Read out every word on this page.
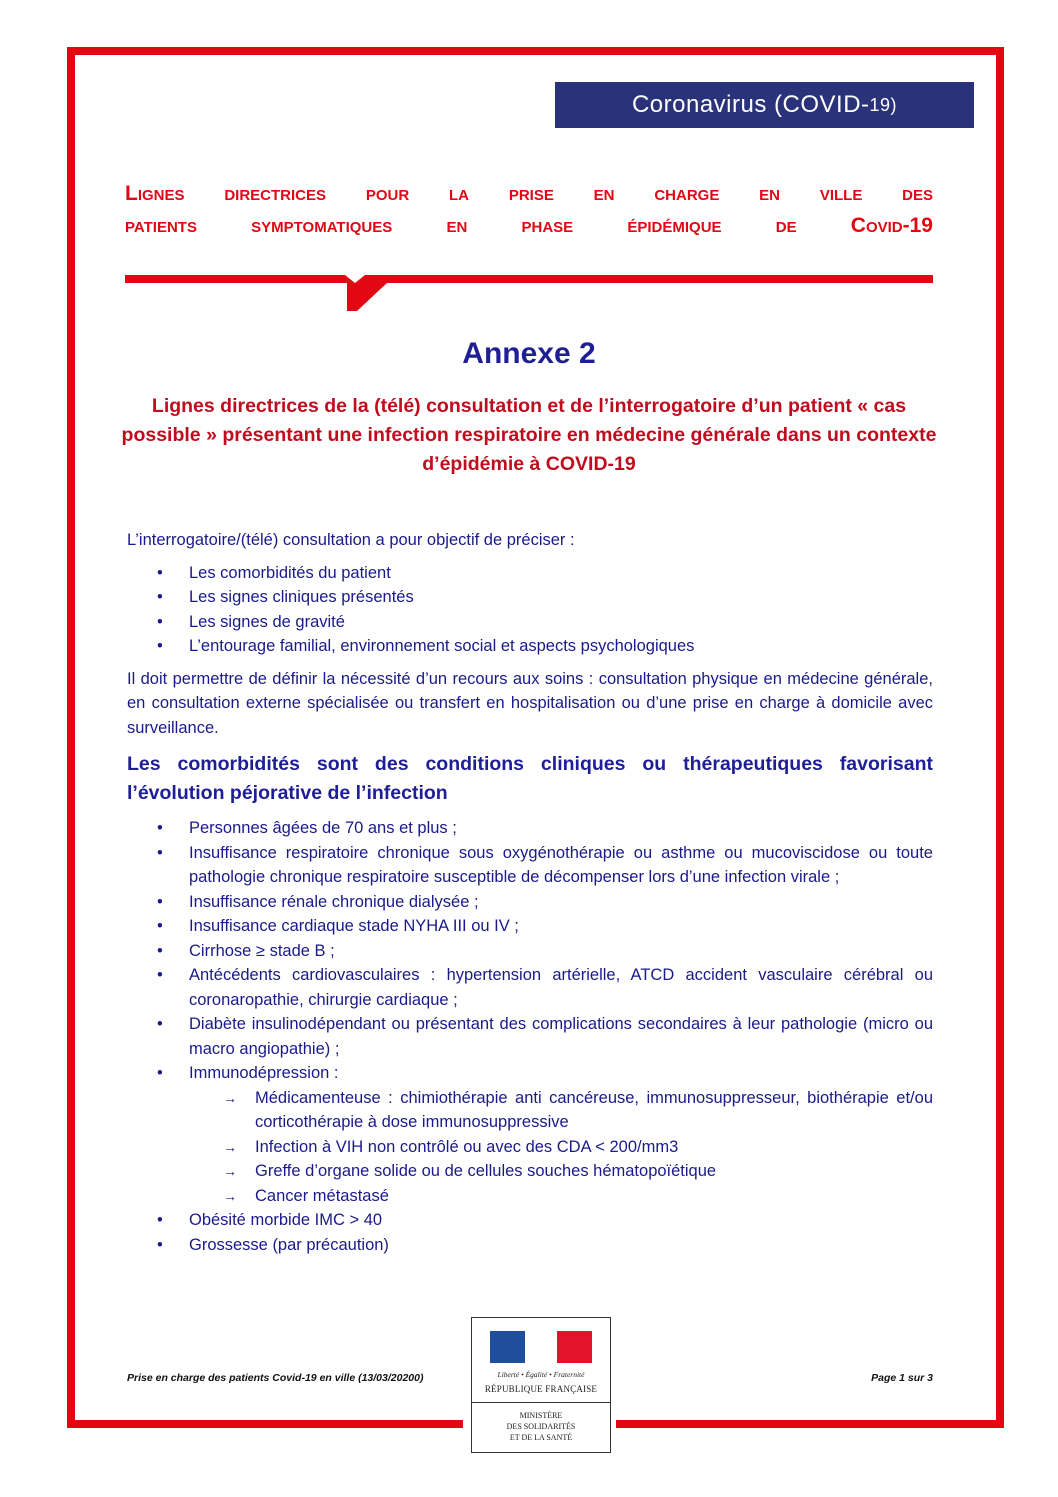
Coronavirus (COVID- 19)
Lignes directrices pour la prise en charge en ville des
patients symptomatiques en phase épidémique de Covid-19
Annexe 2
Lignes directrices de la (télé) consultation et de l’interrogatoire d’un patient « cas possible » présentant une infection respiratoire en médecine générale dans un contexte d’épidémie à COVID-19

L’interrogatoire/(télé) consultation a pour objectif de préciser :

• Les comorbidités du patient
• Les signes cliniques présentés
• Les signes de gravité
• L’entourage familial, environnement social et aspects psychologiques

Il doit permettre de définir la nécessité d’un recours aux soins : consultation physique en médecine générale, en consultation externe spécialisée ou transfert en hospitalisation ou d’une prise en charge à domicile avec surveillance.

Les comorbidités sont des conditions cliniques ou thérapeutiques favorisant l’évolution péjorative de l’infection

• Personnes âgées de 70 ans et plus ;
• Insuffisance respiratoire chronique sous oxygénothérapie ou asthme ou mucoviscidose ou toute pathologie chronique respiratoire susceptible de décompenser lors d’une infection virale ;
• Insuffisance rénale chronique dialysée ;
• Insuffisance cardiaque stade NYHA III ou IV ;
• Cirrhose ≥ stade B ;
• Antécédents cardiovasculaires : hypertension artérielle, ATCD accident vasculaire cérébral ou coronaropathie, chirurgie cardiaque ;
• Diabète insulinodépendant ou présentant des complications secondaires à leur pathologie (micro ou macro angiopathie) ;
• Immunodépression :
→ Médicamenteuse : chimiothérapie anti cancéreuse, immunosuppresseur, biothérapie et/ou corticothérapie à dose immunosuppressive
→ Infection à VIH non contrôlé ou avec des CDA < 200/mm3
→ Greffe d’organe solide ou de cellules souches hématopoïétique
→ Cancer métastasé
• Obésité morbide IMC > 40
• Grossesse (par précaution)
Prise en charge des patients Covid-19 en ville (13/03/20200)	Page 1 sur 3
Liberté • Égalité • Fraternité
RÉPUBLIQUE FRANÇAISE
MINISTÈRE
DES SOLIDARITÉS
ET DE LA SANTÉ
